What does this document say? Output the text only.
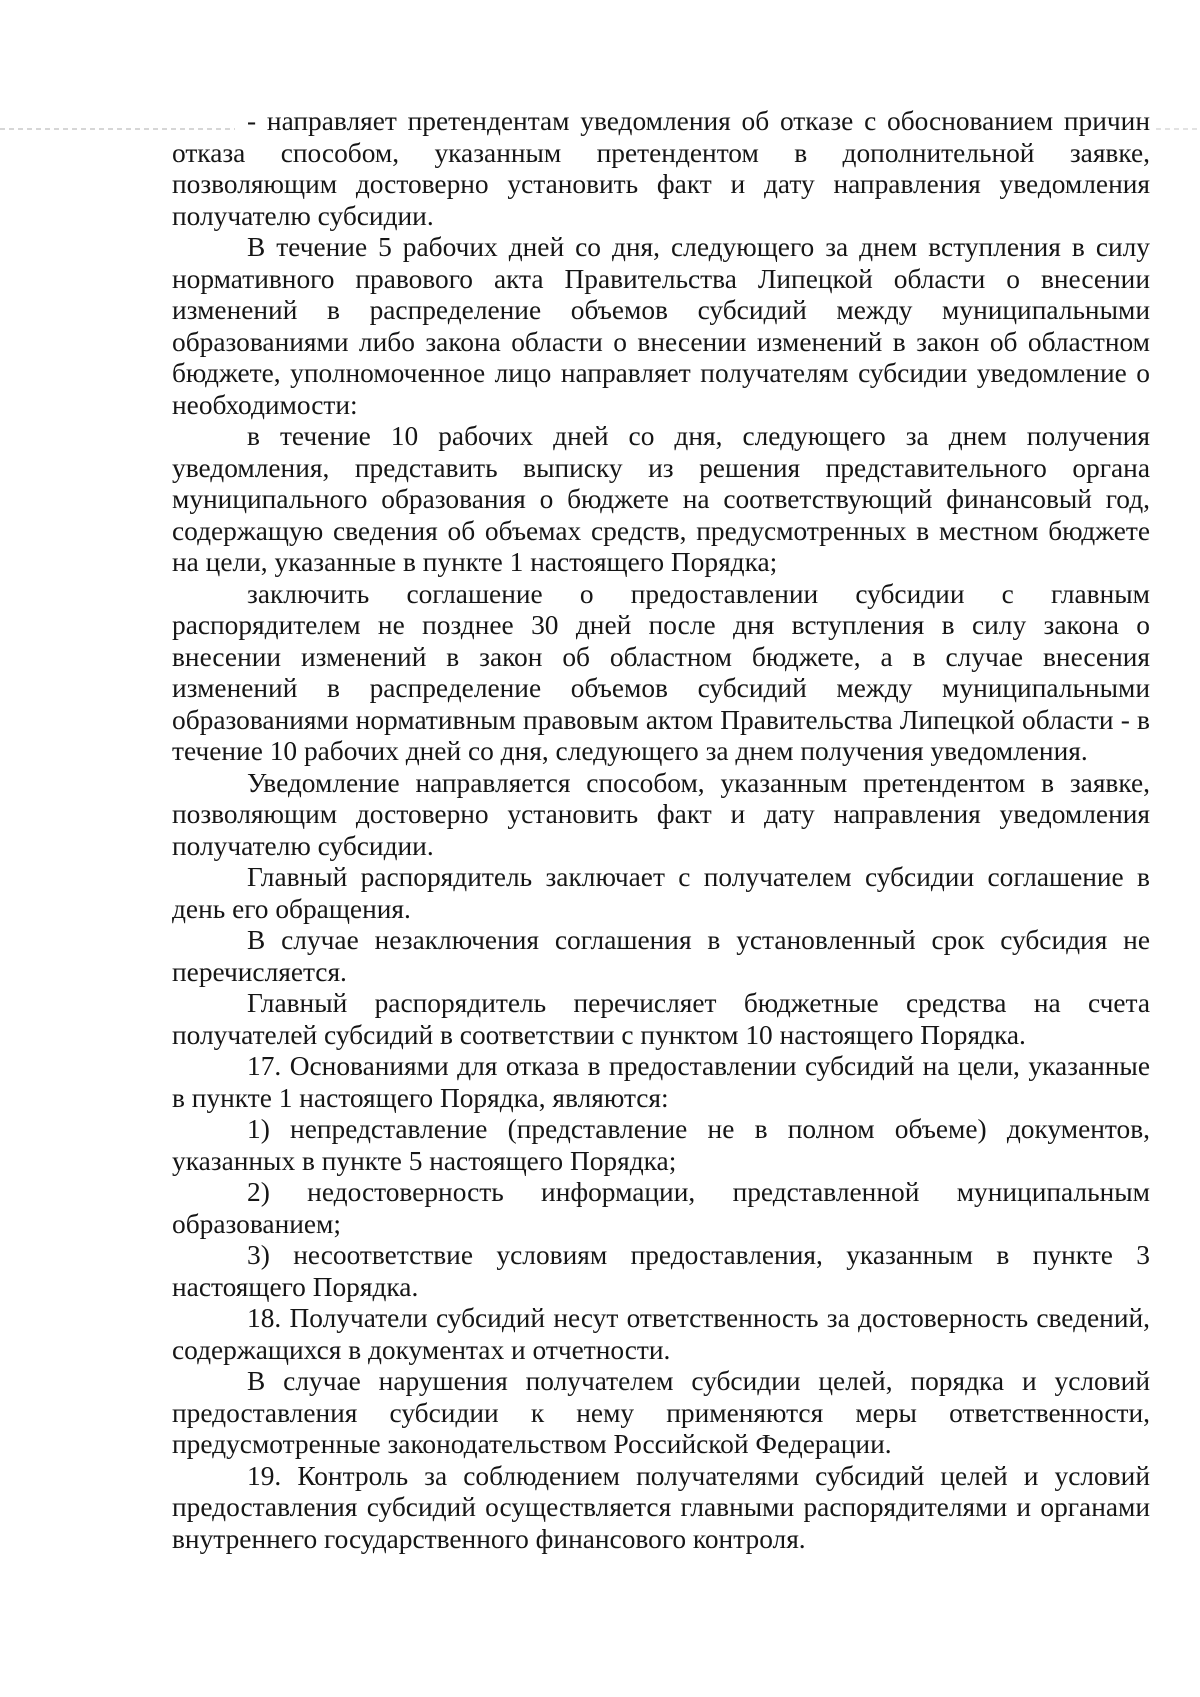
- направляет претендентам уведомления об отказе с обоснованием причин отказа способом, указанным претендентом в дополнительной заявке, позволяющим достоверно установить факт и дату направления уведомления получателю субсидии.

В течение 5 рабочих дней со дня, следующего за днем вступления в силу нормативного правового акта Правительства Липецкой области о внесении изменений в распределение объемов субсидий между муниципальными образованиями либо закона области о внесении изменений в закон об областном бюджете, уполномоченное лицо направляет получателям субсидии уведомление о необходимости:

в течение 10 рабочих дней со дня, следующего за днем получения уведомления, представить выписку из решения представительного органа муниципального образования о бюджете на соответствующий финансовый год, содержащую сведения об объемах средств, предусмотренных в местном бюджете на цели, указанные в пункте 1 настоящего Порядка;

заключить соглашение о предоставлении субсидии с главным распорядителем не позднее 30 дней после дня вступления в силу закона о внесении изменений в закон об областном бюджете, а в случае внесения изменений в распределение объемов субсидий между муниципальными образованиями нормативным правовым актом Правительства Липецкой области - в течение 10 рабочих дней со дня, следующего за днем получения уведомления.

Уведомление направляется способом, указанным претендентом в заявке, позволяющим достоверно установить факт и дату направления уведомления получателю субсидии.

Главный распорядитель заключает с получателем субсидии соглашение в день его обращения.

В случае незаключения соглашения в установленный срок субсидия не перечисляется.

Главный распорядитель перечисляет бюджетные средства на счета получателей субсидий в соответствии с пунктом 10 настоящего Порядка.

17. Основаниями для отказа в предоставлении субсидий на цели, указанные в пункте 1 настоящего Порядка, являются:

1) непредставление (представление не в полном объеме) документов, указанных в пункте 5 настоящего Порядка;

2) недостоверность информации, представленной муниципальным образованием;

3) несоответствие условиям предоставления, указанным в пункте 3 настоящего Порядка.

18. Получатели субсидий несут ответственность за достоверность сведений, содержащихся в документах и отчетности.

В случае нарушения получателем субсидии целей, порядка и условий предоставления субсидии к нему применяются меры ответственности, предусмотренные законодательством Российской Федерации.

19. Контроль за соблюдением получателями субсидий целей и условий предоставления субсидий осуществляется главными распорядителями и органами внутреннего государственного финансового контроля.
